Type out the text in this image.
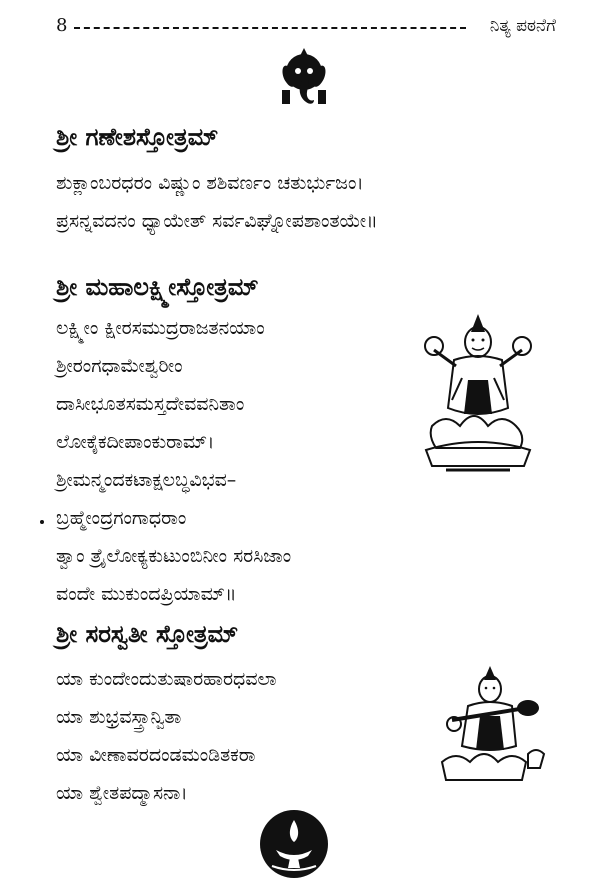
8	ನಿತ್ಯ ಪಠನೆಗೆ
ಶ್ರೀ ಗಣೇಶಸ್ತೋತ್ರಮ್
ಶುಕ್ಲಾಂಬರಧರಂ ವಿಷ್ಣುಂ ಶಶಿವರ್ಣಂ ಚತುರ್ಭುಜಂ।
ಪ್ರಸನ್ನವದನಂ ಧ್ಯಾಯೇತ್ ಸರ್ವವಿಘ್ನೋಪಶಾಂತಯೇ॥
ಶ್ರೀ ಮಹಾಲಕ್ಷ್ಮೀಸ್ತೋತ್ರಮ್
ಲಕ್ಷ್ಮೀಂ ಕ್ಷೀರಸಮುದ್ರರಾಜತನಯಾಂ
ಶ್ರೀರಂಗಧಾಮೇಶ್ವರೀಂ
ದಾಸೀಭೂತಸಮಸ್ತದೇವವನಿತಾಂ
ಲೋಕೈಕದೀಪಾಂಕುರಾಮ್।
ಶ್ರೀಮನ್ಮಂದಕಟಾಕ್ಷಲಬ್ಧವಿಭವ–
ಬ್ರಹ್ಮೇಂದ್ರಗಂಗಾಧರಾಂ
ತ್ವಾಂ ತ್ರೈಲೋಕ್ಯಕುಟುಂಬಿನೀಂ ಸರಸಿಜಾಂ
ವಂದೇ ಮುಕುಂದಪ್ರಿಯಾಮ್॥
ಶ್ರೀ ಸರಸ್ವತೀ ಸ್ತೋತ್ರಮ್
ಯಾ ಕುಂದೇಂದುತುಷಾರಹಾರಧವಲಾ
ಯಾ ಶುಭ್ರವಸ್ತ್ರಾನ್ವಿತಾ
ಯಾ ವೀಣಾವರದಂಡಮಂಡಿತಕರಾ
ಯಾ ಶ್ವೇತಪದ್ಮಾಸನಾ।
